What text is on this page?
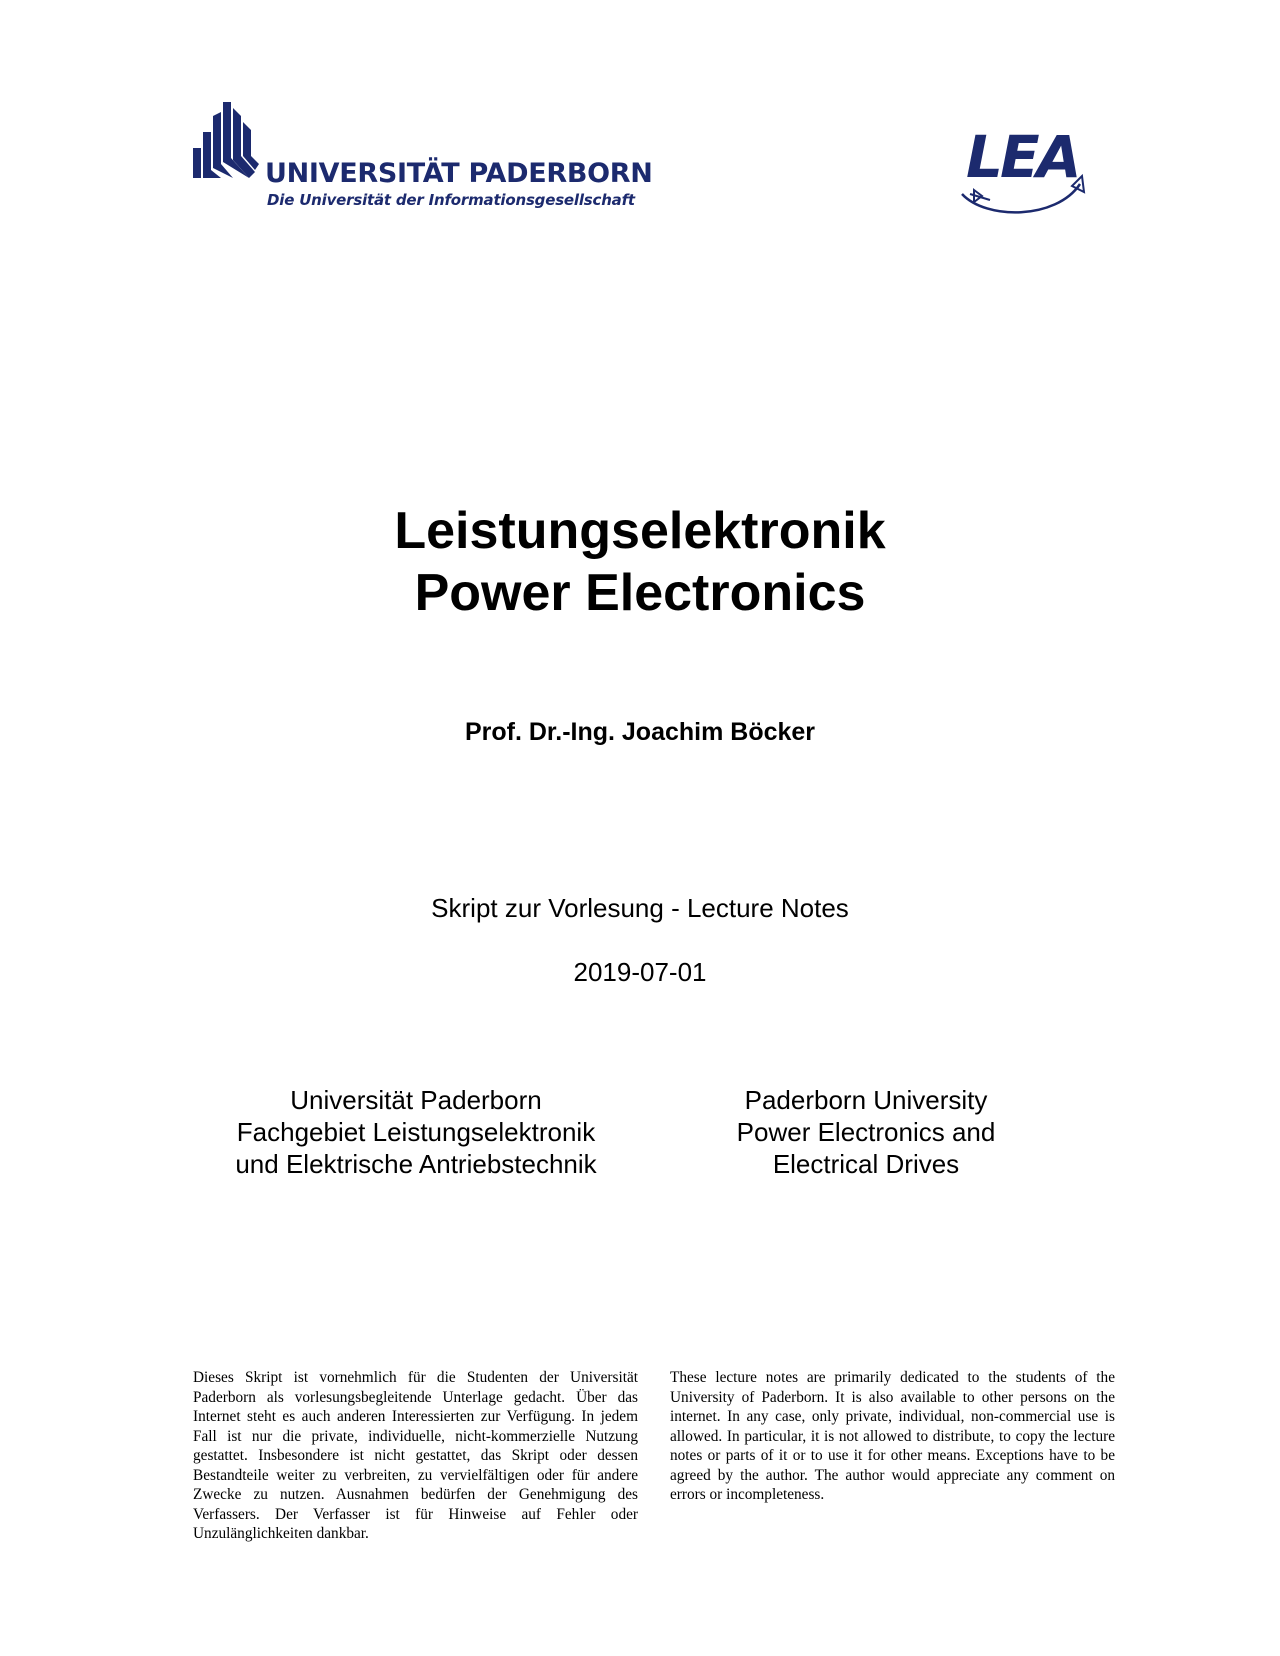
UNIVERSITÄT PADERBORN
Die Universität der Informationsgesellschaft
LEA
Leistungselektronik
Power Electronics
Prof. Dr.-Ing. Joachim Böcker
Skript zur Vorlesung - Lecture Notes
2019-07-01
Universität Paderborn
Fachgebiet Leistungselektronik
und Elektrische Antriebstechnik
Paderborn University
Power Electronics and
Electrical Drives
Dieses Skript ist vornehmlich für die Studenten der Universität Paderborn als vorlesungsbegleitende Unterlage gedacht. Über das Internet steht es auch anderen Interessierten zur Verfügung. In jedem Fall ist nur die private, individuelle, nicht-kommerzielle Nutzung gestattet. Insbesondere ist nicht gestattet, das Skript oder dessen Bestandteile weiter zu verbreiten, zu vervielfältigen oder für andere Zwecke zu nutzen. Ausnahmen bedürfen der Genehmigung des Verfassers. Der Verfasser ist für Hinweise auf Fehler oder Unzulänglichkeiten dankbar.
These lecture notes are primarily dedicated to the students of the University of Paderborn. It is also available to other persons on the internet. In any case, only private, individual, non-commercial use is allowed. In particular, it is not allowed to distribute, to copy the lecture notes or parts of it or to use it for other means. Exceptions have to be agreed by the author. The author would appreciate any comment on errors or incompleteness.
